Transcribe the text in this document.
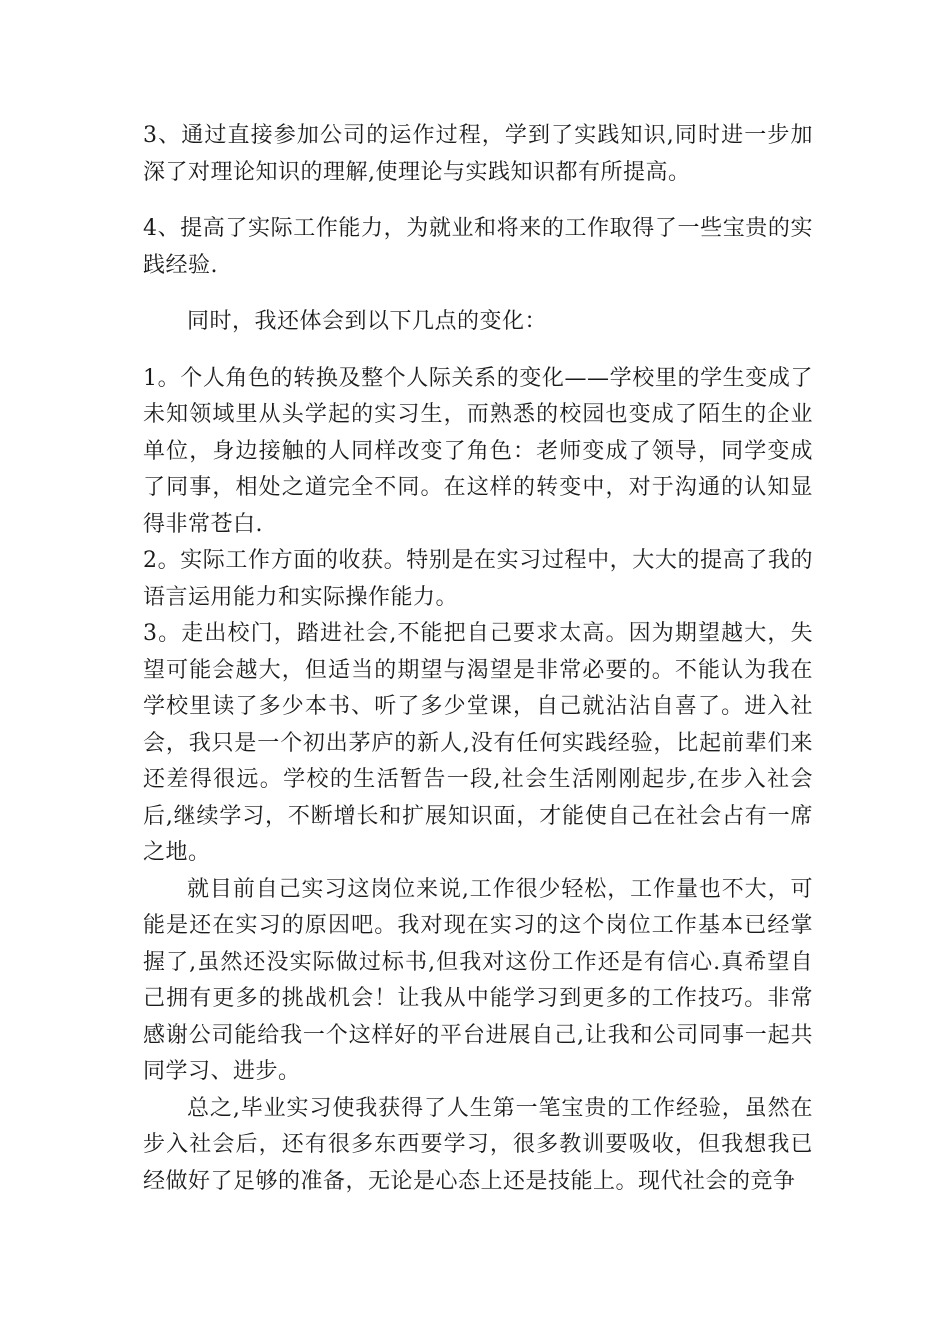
3、通过直接参加公司的运作过程，学到了实践知识,同时进一步加深了对理论知识的理解,使理论与实践知识都有所提高。

4、提高了实际工作能力，为就业和将来的工作取得了一些宝贵的实践经验.

同时，我还体会到以下几点的变化：

1。个人角色的转换及整个人际关系的变化——学校里的学生变成了未知领域里从头学起的实习生，而熟悉的校园也变成了陌生的企业单位，身边接触的人同样改变了角色：老师变成了领导，同学变成了同事，相处之道完全不同。在这样的转变中，对于沟通的认知显得非常苍白.

2。实际工作方面的收获。特别是在实习过程中，大大的提高了我的语言运用能力和实际操作能力。

3。走出校门，踏进社会,不能把自己要求太高。因为期望越大，失望可能会越大，但适当的期望与渴望是非常必要的。不能认为我在学校里读了多少本书、听了多少堂课，自己就沾沾自喜了。进入社会，我只是一个初出茅庐的新人,没有任何实践经验，比起前辈们来还差得很远。学校的生活暂告一段,社会生活刚刚起步,在步入社会后,继续学习，不断增长和扩展知识面，才能使自己在社会占有一席之地。

就目前自己实习这岗位来说,工作很少轻松，工作量也不大，可能是还在实习的原因吧。我对现在实习的这个岗位工作基本已经掌握了,虽然还没实际做过标书,但我对这份工作还是有信心.真希望自己拥有更多的挑战机会！让我从中能学习到更多的工作技巧。非常感谢公司能给我一个这样好的平台进展自己,让我和公司同事一起共同学习、进步。

总之,毕业实习使我获得了人生第一笔宝贵的工作经验，虽然在步入社会后，还有很多东西要学习，很多教训要吸收，但我想我已经做好了足够的准备，无论是心态上还是技能上。现代社会的竞争
